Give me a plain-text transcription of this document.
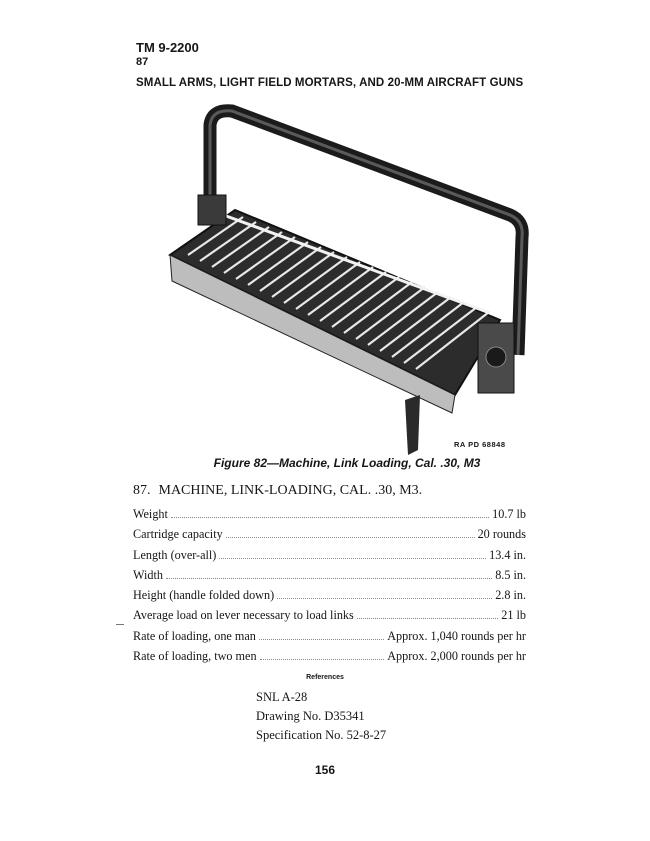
TM 9-2200
87
SMALL ARMS, LIGHT FIELD MORTARS, AND 20-MM AIRCRAFT GUNS
RA PD 68848
Figure 82—Machine, Link Loading, Cal. .30, M3
87. MACHINE, LINK-LOADING, CAL. .30, M3.
Weight	10.7 lb
Cartridge capacity	20 rounds
Length (over-all)	13.4 in.
Width	8.5 in.
Height (handle folded down)	2.8 in.
Average load on lever necessary to load links	21 lb
Rate of loading, one man	Approx. 1,040 rounds per hr
Rate of loading, two men	Approx. 2,000 rounds per hr
References
SNL A-28
Drawing No. D35341
Specification No. 52-8-27
156
